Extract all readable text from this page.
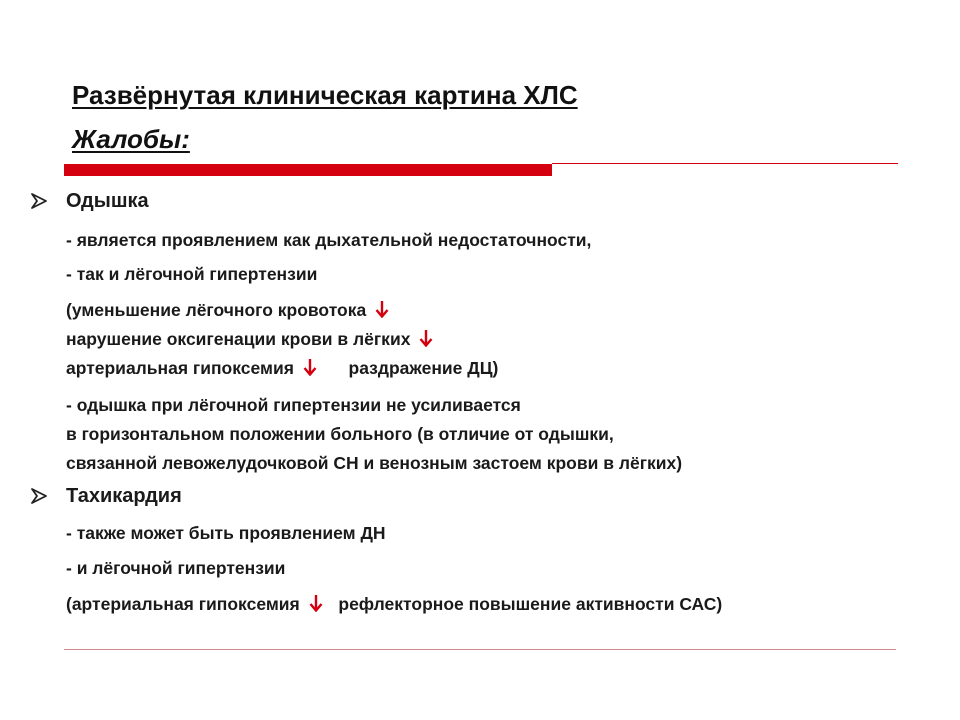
Развёрнутая клиническая картина ХЛС
Жалобы:
Одышка
- является проявлением как дыхательной недостаточности,
- так и лёгочной гипертензии
(уменьшение лёгочного кровотока
нарушение оксигенации крови в лёгких
артериальная гипоксемия	раздражение ДЦ)
- одышка при лёгочной гипертензии не усиливается
в горизонтальном положении больного (в отличие от одышки,
связанной левожелудочковой СН и венозным застоем крови в лёгких)
Тахикардия
- также может быть проявлением ДН
- и лёгочной гипертензии
(артериальная гипоксемия рефлекторное повышение активности САС)
